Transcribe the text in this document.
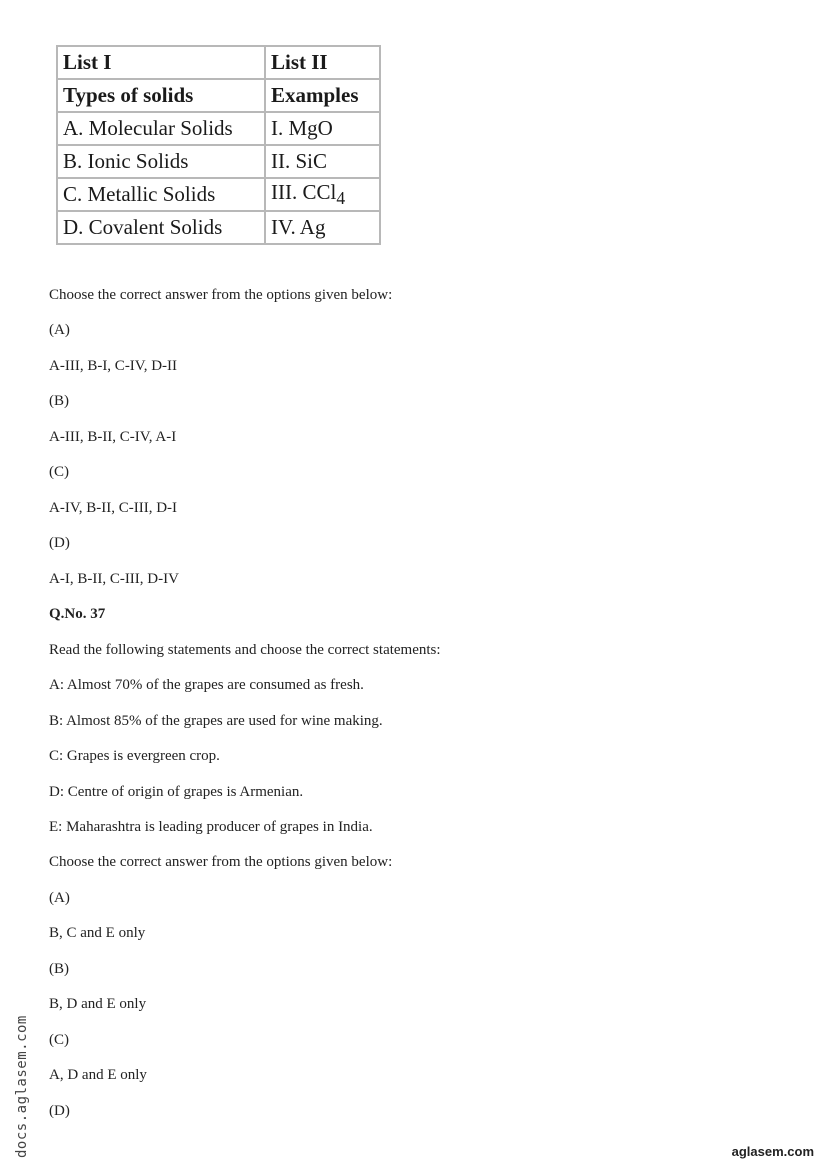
List I	List II
Types of solids	Examples
A. Molecular Solids	I. MgO
B. Ionic Solids	II. SiC
C. Metallic Solids	III. CCl$_4$
D. Covalent Solids	IV. Ag
Choose the correct answer from the options given below:
(A)
A-III, B-I, C-IV, D-II
(B)
A-III, B-II, C-IV, A-I
(C)
A-IV, B-II, C-III, D-I
(D)
A-I, B-II, C-III, D-IV
Q.No. 37
Read the following statements and choose the correct statements:
A: Almost 70% of the grapes are consumed as fresh.
B: Almost 85% of the grapes are used for wine making.
C: Grapes is evergreen crop.
D: Centre of origin of grapes is Armenian.
E: Maharashtra is leading producer of grapes in India.
Choose the correct answer from the options given below:
(A)
B, C and E only
(B)
B, D and E only
(C)
A, D and E only
(D)
docs.aglasem.com	aglasem.com
